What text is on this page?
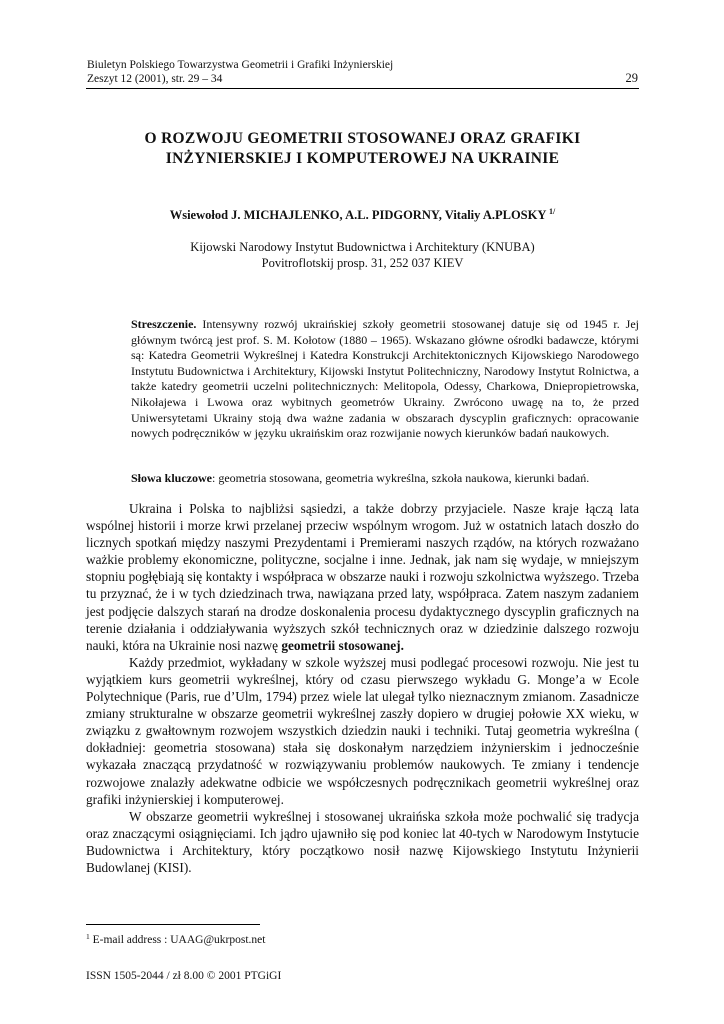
Biuletyn Polskiego Towarzystwa Geometrii i Grafiki Inżynierskiej
Zeszyt 12 (2001), str. 29 – 34	29
O ROZWOJU GEOMETRII STOSOWANEJ ORAZ GRAFIKI
INŻYNIERSKIEJ I KOMPUTEROWEJ NA UKRAINIE
Wsiewołod J. MICHAJLENKO, A.L. PIDGORNY, Vitaliy A.PLOSKY $^{1/}$
Kijowski Narodowy Instytut Budownictwa i Architektury (KNUBA)
Povitroflotskij prosp. 31, 252 037 KIEV
Streszczenie. Intensywny rozwój ukraińskiej szkoły geometrii stosowanej datuje się od 1945 r. Jej głównym twórcą jest prof. S. M. Kołotow (1880 – 1965). Wskazano główne ośrodki badawcze, którymi są: Katedra Geometrii Wykreślnej i Katedra Konstrukcji Architektonicznych Kijowskiego Narodowego Instytutu Budownictwa i Architektury, Kijowski Instytut Politechniczny, Narodowy Instytut Rolnictwa, a także katedry geometrii uczelni politechnicznych: Melitopola, Odessy, Charkowa, Dniepropietrowska, Nikołajewa i Lwowa oraz wybitnych geometrów Ukrainy. Zwrócono uwagę na to, że przed Uniwersytetami Ukrainy stoją dwa ważne zadania w obszarach dyscyplin graficznych: opracowanie nowych podręczników w języku ukraińskim oraz rozwijanie nowych kierunków badań naukowych.
Słowa kluczowe: geometria stosowana, geometria wykreślna, szkoła naukowa, kierunki badań.

Ukraina i Polska to najbliżsi sąsiedzi, a także dobrzy przyjaciele. Nasze kraje łączą lata wspólnej historii i morze krwi przelanej przeciw wspólnym wrogom. Już w ostatnich latach doszło do licznych spotkań między naszymi Prezydentami i Premierami naszych rządów, na których rozważano ważkie problemy ekonomiczne, polityczne, socjalne i inne. Jednak, jak nam się wydaje, w mniejszym stopniu pogłębiają się kontakty i współpraca w obszarze nauki i rozwoju szkolnictwa wyższego. Trzeba tu przyznać, że i w tych dziedzinach trwa, nawiązana przed laty, współpraca. Zatem naszym zadaniem jest podjęcie dalszych starań na drodze doskonalenia procesu dydaktycznego dyscyplin graficznych na terenie działania i oddziaływania wyższych szkół technicznych oraz w dziedzinie dalszego rozwoju nauki, która na Ukrainie nosi nazwę geometrii stosowanej.

Każdy przedmiot, wykładany w szkole wyższej musi podlegać procesowi rozwoju. Nie jest tu wyjątkiem kurs geometrii wykreślnej, który od czasu pierwszego wykładu G. Monge’a w Ecole Polytechnique (Paris, rue d’Ulm, 1794) przez wiele lat ulegał tylko nieznacznym zmianom. Zasadnicze zmiany strukturalne w obszarze geometrii wykreślnej zaszły dopiero w drugiej połowie XX wieku, w związku z gwałtownym rozwojem wszystkich dziedzin nauki i techniki. Tutaj geometria wykreślna ( dokładniej: geometria stosowana) stała się doskonałym narzędziem inżynierskim i jednocześnie wykazała znaczącą przydatność w rozwiązywaniu problemów naukowych. Te zmiany i tendencje rozwojowe znalazły adekwatne odbicie we współczesnych podręcznikach geometrii wykreślnej oraz grafiki inżynierskiej i komputerowej.

W obszarze geometrii wykreślnej i stosowanej ukraińska szkoła może pochwalić się tradycja oraz znaczącymi osiągnięciami. Ich jądro ujawniło się pod koniec lat 40-tych w Narodowym Instytucie Budownictwa i Architektury, który początkowo nosił nazwę Kijowskiego Instytutu Inżynierii Budowlanej (KISI).

$^1$ E-mail address : UAAG@ukrpost.net
ISSN 1505-2044 / zł 8.00 © 2001 PTGiGI
